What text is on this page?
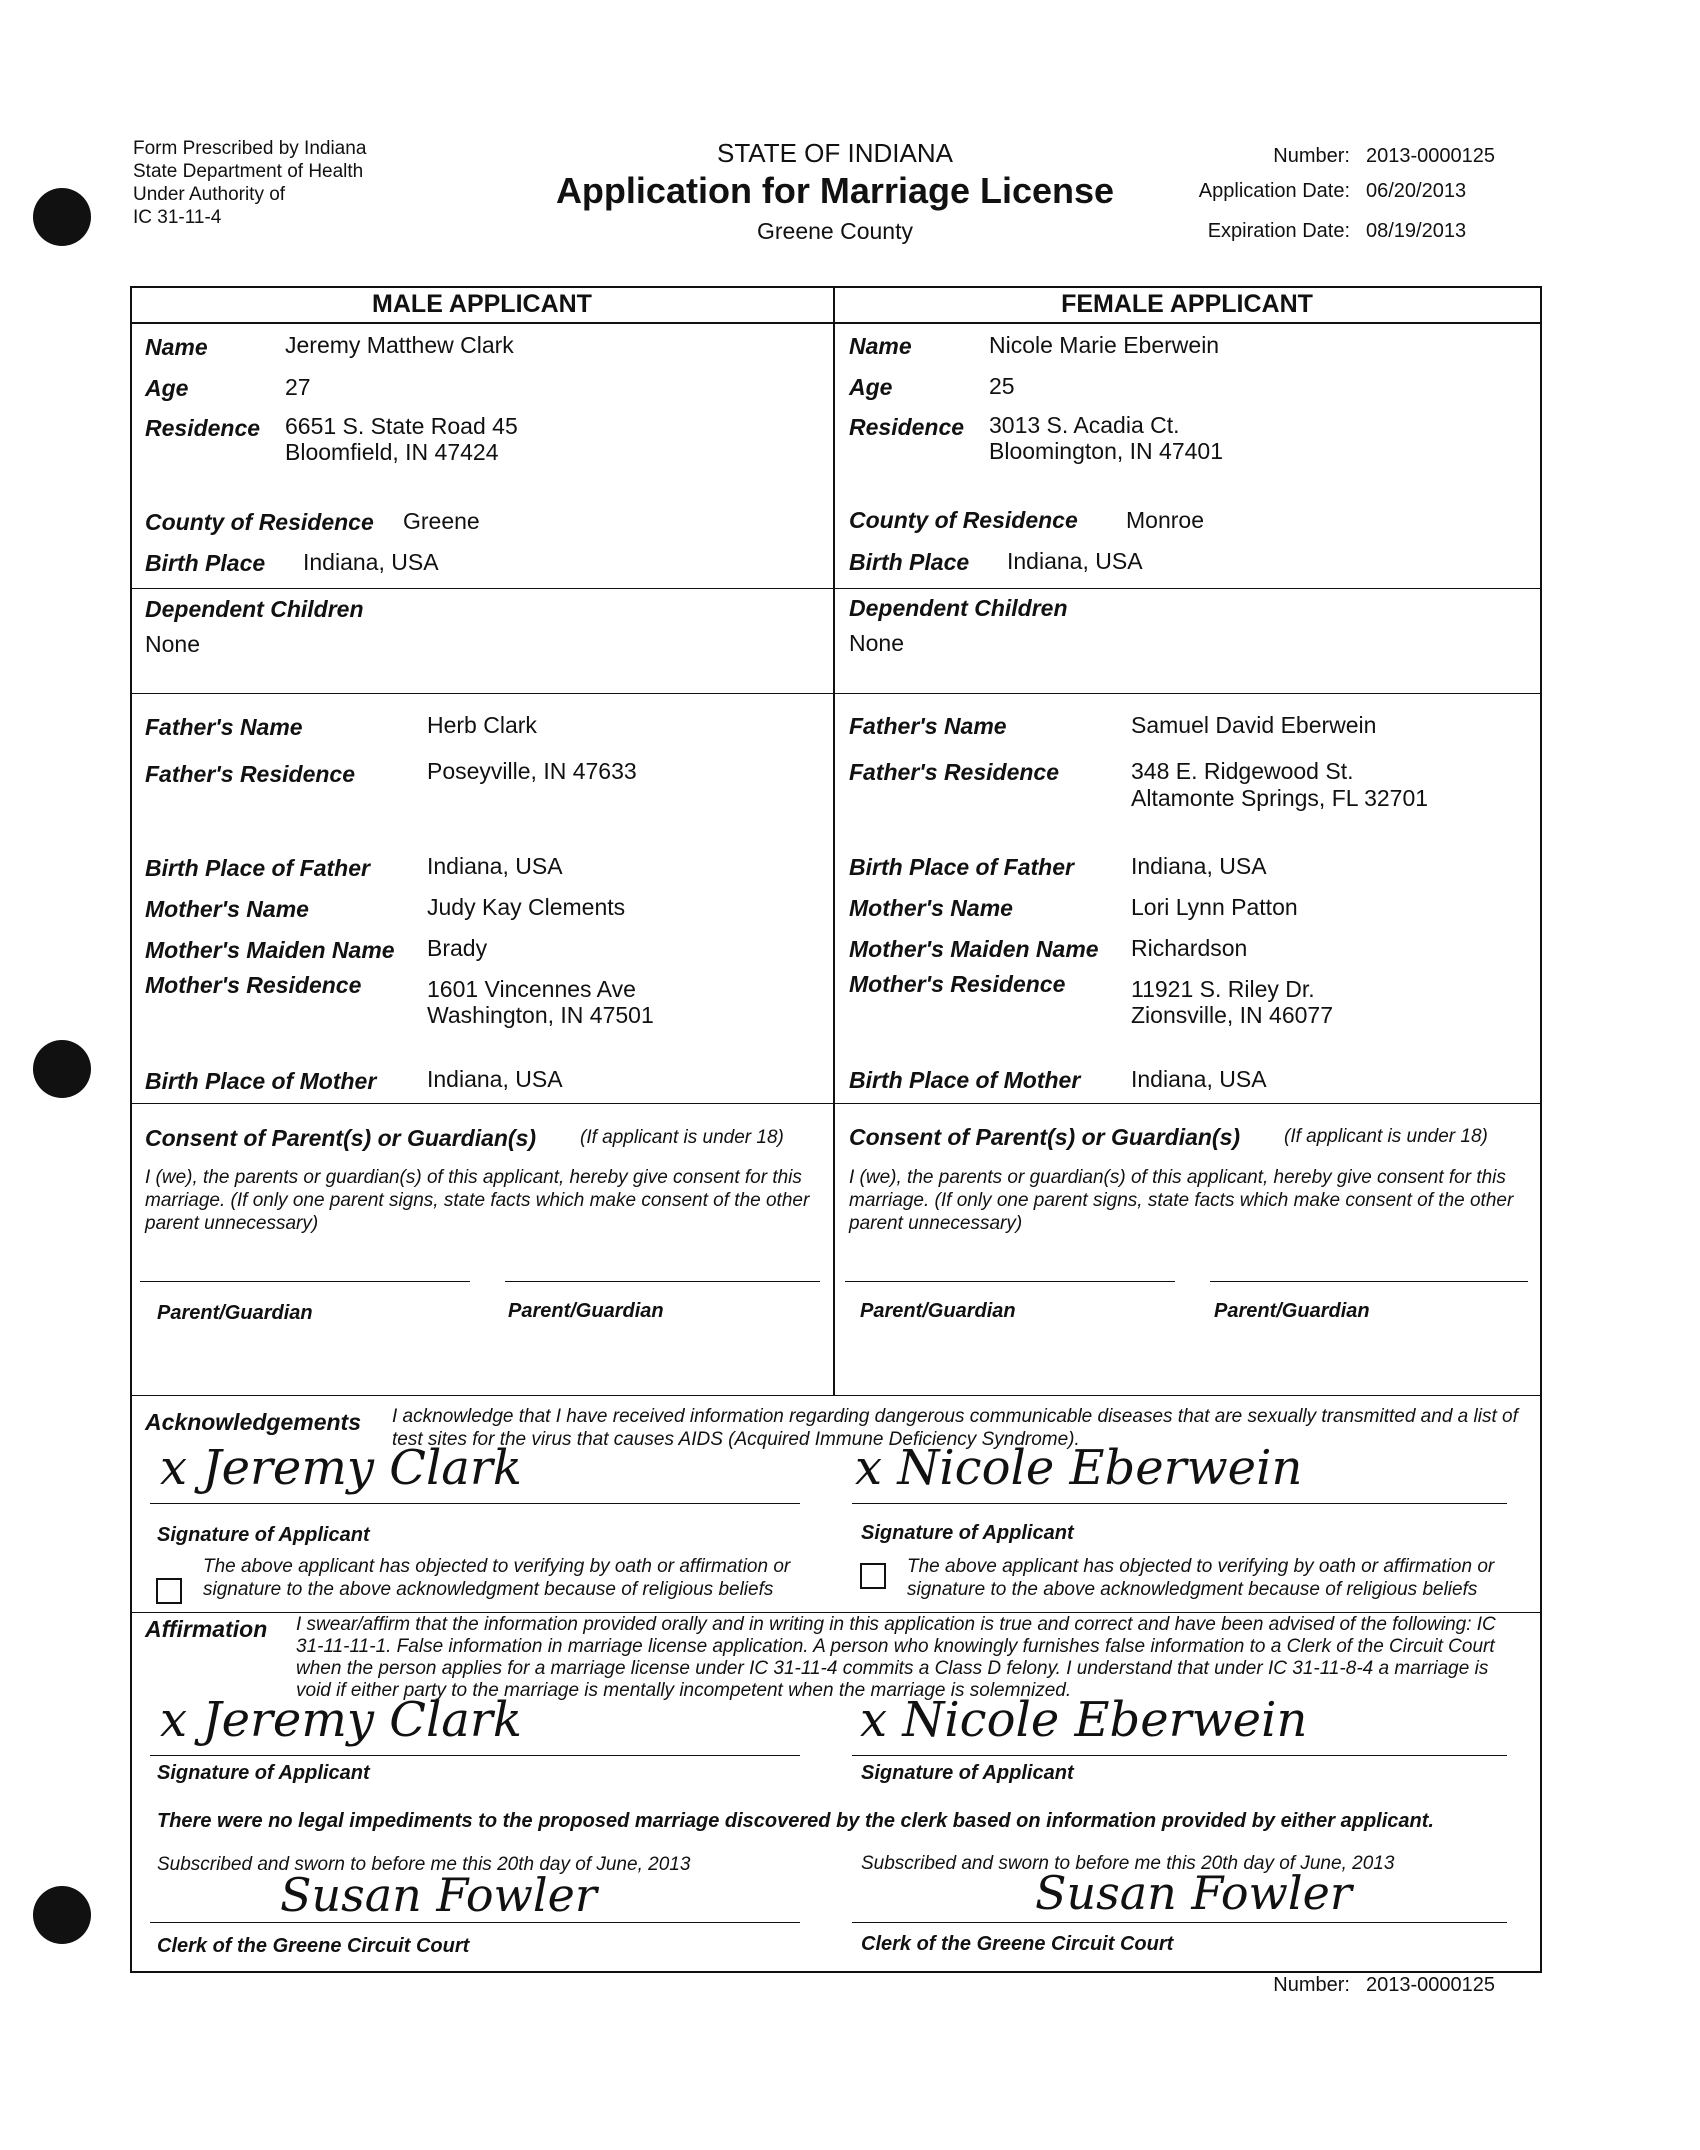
Form Prescribed by Indiana
State Department of Health
Under Authority of
IC 31-11-4
STATE OF INDIANA
Application for Marriage License
Greene County
Number: 2013-0000125
Application Date: 06/20/2013
Expiration Date: 08/19/2013
MALE APPLICANT	FEMALE APPLICANT
Name	Jeremy Matthew Clark
Age	27
Residence 6651 S. State Road 45
Bloomfield, IN 47424
County of Residence Greene
Birth Place Indiana, USA
Dependent Children
None
Father's Name	Herb Clark
Father's Residence	Poseyville, IN 47633
Birth Place of Father Indiana, USA
Mother's Name	Judy Kay Clements
Mother's Maiden Name Brady
Mother's Residence	1601 Vincennes Ave
Washington, IN 47501
Birth Place of Mother Indiana, USA
Consent of Parent(s) or Guardian(s) (If applicant is under 18)
I (we), the parents or guardian(s) of this applicant, hereby give consent for this marriage. (If only one parent signs, state facts which make consent of the other parent unnecessary)
Parent/Guardian	Parent/Guardian
Name	Nicole Marie Eberwein
Age	25
Residence 3013 S. Acadia Ct.
Bloomington, IN 47401
County of Residence Monroe
Birth Place Indiana, USA
Dependent Children
None
Father's Name	Samuel David Eberwein
Father's Residence	348 E. Ridgewood St.
Altamonte Springs, FL 32701
Birth Place of Father Indiana, USA
Mother's Name	Lori Lynn Patton
Mother's Maiden Name Richardson
Mother's Residence	11921 S. Riley Dr.
Zionsville, IN 46077
Birth Place of Mother Indiana, USA
Consent of Parent(s) or Guardian(s) (If applicant is under 18)
I (we), the parents or guardian(s) of this applicant, hereby give consent for this marriage. (If only one parent signs, state facts which make consent of the other parent unnecessary)
Parent/Guardian	Parent/Guardian
Acknowledgements I acknowledge that I have received information regarding dangerous communicable diseases that are sexually transmitted and a list of test sites for the virus that causes AIDS (Acquired Immune Deficiency Syndrome).
x Jeremy Clark	x Nicole Eberwein
Signature of Applicant	Signature of Applicant
The above applicant has objected to verifying by oath or affirmation or signature to the above acknowledgment because of religious beliefs
The above applicant has objected to verifying by oath or affirmation or signature to the above acknowledgment because of religious beliefs
Affirmation I swear/affirm that the information provided orally and in writing in this application is true and correct and have been advised of the following: IC 31-11-11-1. False information in marriage license application. A person who knowingly furnishes false information to a Clerk of the Circuit Court when the person applies for a marriage license under IC 31-11-4 commits a Class D felony. I understand that under IC 31-11-8-4 a marriage is void if either party to the marriage is mentally incompetent when the marriage is solemnized.
x Jeremy Clark	x Nicole Eberwein
Signature of Applicant	Signature of Applicant
There were no legal impediments to the proposed marriage discovered by the clerk based on information provided by either applicant.
Subscribed and sworn to before me this 20th day of June, 2013	Subscribed and sworn to before me this 20th day of June, 2013
Susan Fowler	Susan Fowler
Clerk of the Greene Circuit Court	Clerk of the Greene Circuit Court
Number: 2013-0000125
